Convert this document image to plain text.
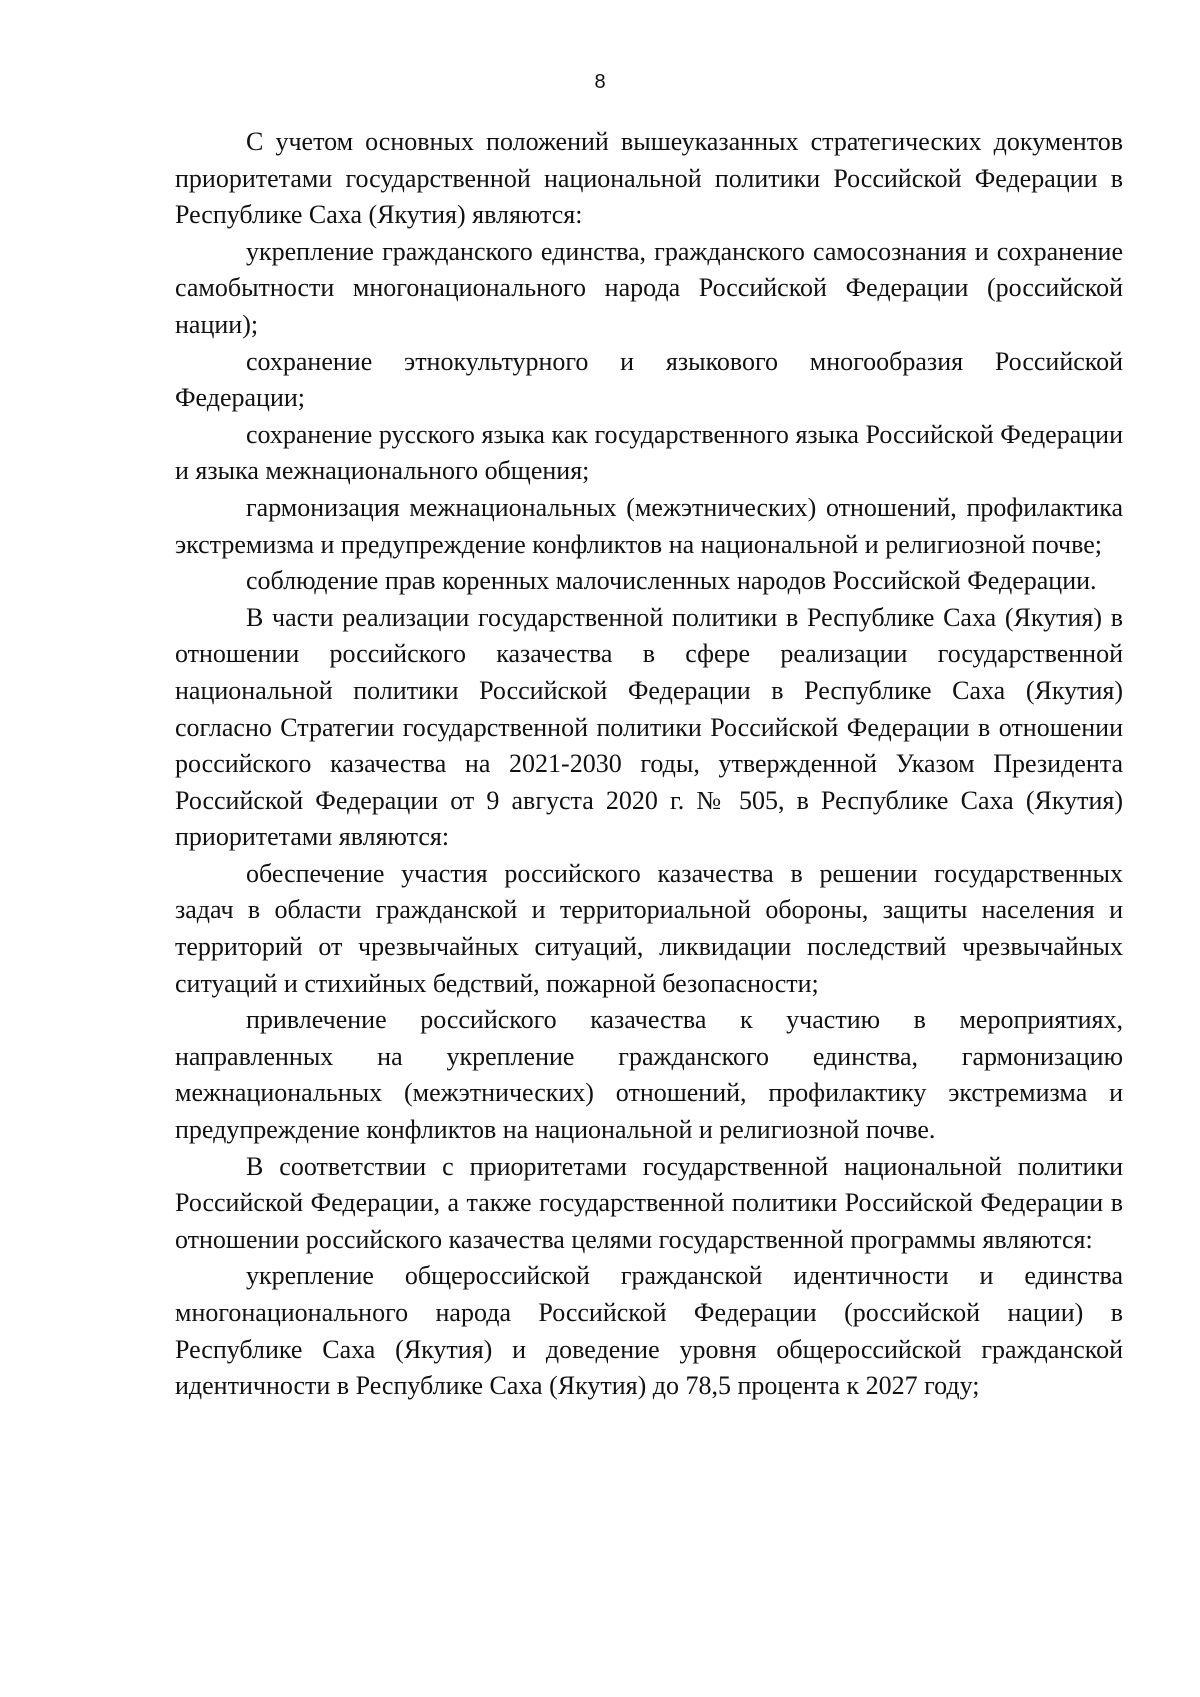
8

С учетом основных положений вышеуказанных стратегических документов приоритетами государственной национальной политики Российской Федерации в Республике Саха (Якутия) являются:

укрепление гражданского единства, гражданского самосознания и сохранение самобытности многонационального народа Российской Федерации (российской нации);

сохранение этнокультурного и языкового многообразия Российской Федерации;

сохранение русского языка как государственного языка Российской Федерации и языка межнационального общения;

гармонизация межнациональных (межэтнических) отношений, профилактика экстремизма и предупреждение конфликтов на национальной и религиозной почве;

соблюдение прав коренных малочисленных народов Российской Федерации.

В части реализации государственной политики в Республике Саха (Якутия) в отношении российского казачества в сфере реализации государственной национальной политики Российской Федерации в Республике Саха (Якутия) согласно Стратегии государственной политики Российской Федерации в отношении российского казачества на 2021-2030 годы, утвержденной Указом Президента Российской Федерации от 9 августа 2020 г. № 505, в Республике Саха (Якутия) приоритетами являются:

обеспечение участия российского казачества в решении государственных задач в области гражданской и территориальной обороны, защиты населения и территорий от чрезвычайных ситуаций, ликвидации последствий чрезвычайных ситуаций и стихийных бедствий, пожарной безопасности;

привлечение российского казачества к участию в мероприятиях, направленных на укрепление гражданского единства, гармонизацию межнациональных (межэтнических) отношений, профилактику экстремизма и предупреждение конфликтов на национальной и религиозной почве.

В соответствии с приоритетами государственной национальной политики Российской Федерации, а также государственной политики Российской Федерации в отношении российского казачества целями государственной программы являются:

укрепление общероссийской гражданской идентичности и единства многонационального народа Российской Федерации (российской нации) в Республике Саха (Якутия) и доведение уровня общероссийской гражданской идентичности в Республике Саха (Якутия) до 78,5 процента к 2027 году;
